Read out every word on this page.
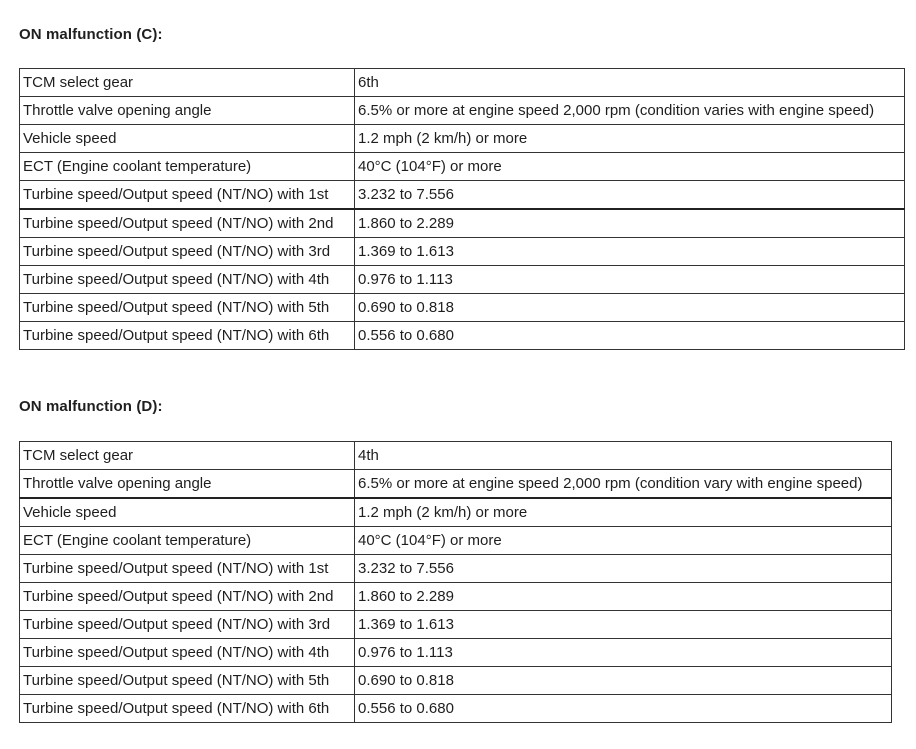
ON malfunction (C):
TCM select gear	6th
Throttle valve opening angle	6.5% or more at engine speed 2,000 rpm (condition varies with engine speed)
Vehicle speed	1.2 mph (2 km/h) or more
ECT (Engine coolant temperature)	40°C (104°F) or more
Turbine speed/Output speed (NT/NO) with 1st	3.232 to 7.556
Turbine speed/Output speed (NT/NO) with 2nd	1.860 to 2.289
Turbine speed/Output speed (NT/NO) with 3rd	1.369 to 1.613
Turbine speed/Output speed (NT/NO) with 4th	0.976 to 1.113
Turbine speed/Output speed (NT/NO) with 5th	0.690 to 0.818
Turbine speed/Output speed (NT/NO) with 6th	0.556 to 0.680
ON malfunction (D):
TCM select gear	4th
Throttle valve opening angle	6.5% or more at engine speed 2,000 rpm (condition vary with engine speed)
Vehicle speed	1.2 mph (2 km/h) or more
ECT (Engine coolant temperature)	40°C (104°F) or more
Turbine speed/Output speed (NT/NO) with 1st	3.232 to 7.556
Turbine speed/Output speed (NT/NO) with 2nd	1.860 to 2.289
Turbine speed/Output speed (NT/NO) with 3rd	1.369 to 1.613
Turbine speed/Output speed (NT/NO) with 4th	0.976 to 1.113
Turbine speed/Output speed (NT/NO) with 5th	0.690 to 0.818
Turbine speed/Output speed (NT/NO) with 6th	0.556 to 0.680
